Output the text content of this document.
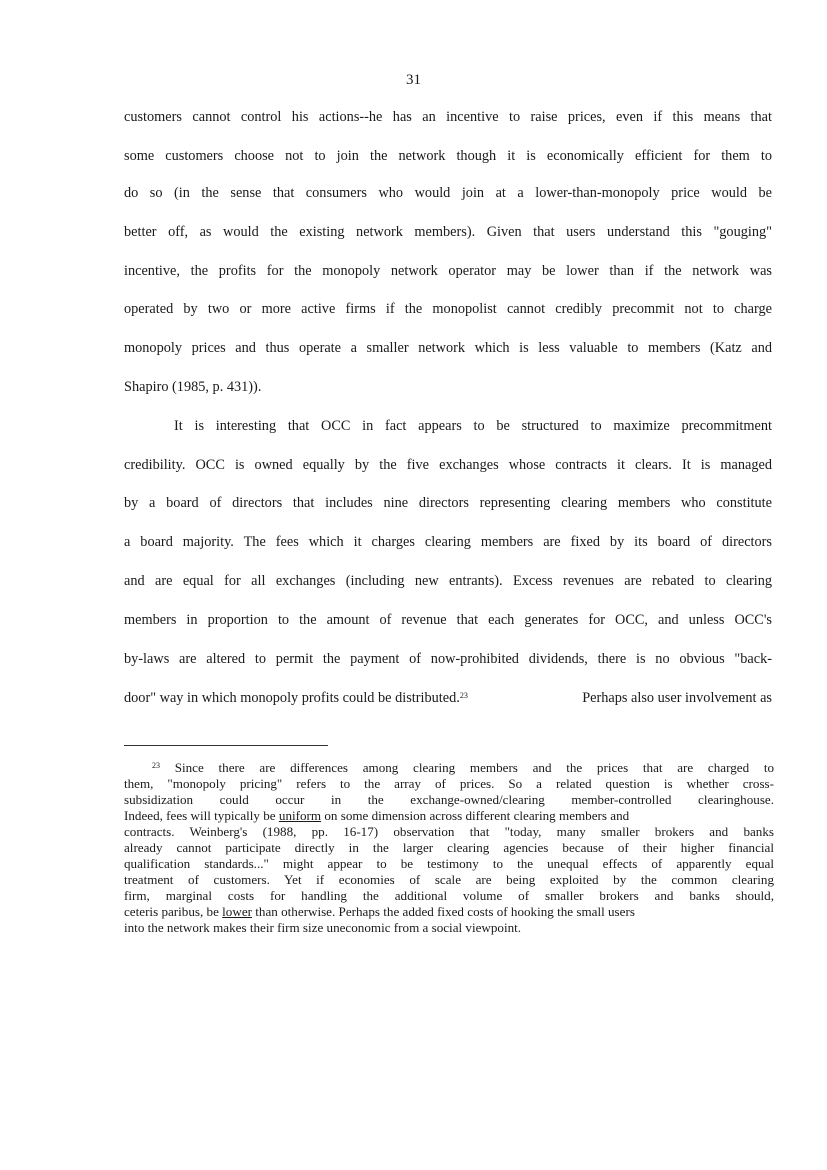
31
customers cannot control his actions--he has an incentive to raise prices, even if this means that
some customers choose not to join the network though it is economically efficient for them to
do so (in the sense that consumers who would join at a lower-than-monopoly price would be
better off, as would the existing network members). Given that users understand this "gouging"
incentive, the profits for the monopoly network operator may be lower than if the network was
operated by two or more active firms if the monopolist cannot credibly precommit not to charge
monopoly prices and thus operate a smaller network which is less valuable to members (Katz and
Shapiro (1985, p. 431)).
It is interesting that OCC in fact appears to be structured to maximize precommitment
credibility. OCC is owned equally by the five exchanges whose contracts it clears. It is managed
by a board of directors that includes nine directors representing clearing members who constitute
a board majority. The fees which it charges clearing members are fixed by its board of directors
and are equal for all exchanges (including new entrants). Excess revenues are rebated to clearing
members in proportion to the amount of revenue that each generates for OCC, and unless OCC's
by-laws are altered to permit the payment of now-prohibited dividends, there is no obvious "back-
door" way in which monopoly profits could be distributed.$^{23}$	Perhaps also user involvement as
$^{23}$ Since there are differences among clearing members and the prices that are charged to
them, "monopoly pricing" refers to the array of prices. So a related question is whether cross-
subsidization could occur in the exchange-owned/clearing member-controlled clearinghouse.
Indeed, fees will typically be uniform on some dimension across different clearing members and
contracts. Weinberg's (1988, pp. 16-17) observation that "today, many smaller brokers and banks
already cannot participate directly in the larger clearing agencies because of their higher financial
qualification standards..." might appear to be testimony to the unequal effects of apparently equal
treatment of customers. Yet if economies of scale are being exploited by the common clearing
firm, marginal costs for handling the additional volume of smaller brokers and banks should,
ceteris paribus, be lower than otherwise. Perhaps the added fixed costs of hooking the small users
into the network makes their firm size uneconomic from a social viewpoint.
